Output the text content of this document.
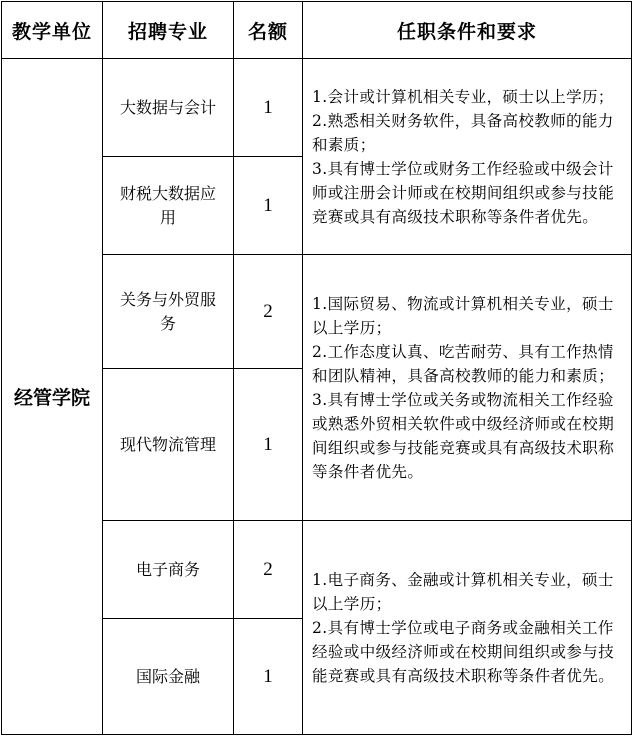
教学单位	招聘专业	名额	任职条件和要求
经管学院	大数据与会计	1	1.会计或计算机相关专业，硕士以上学历；

2.熟悉相关财务软件，具备高校教师的能力和素质；

3.具有博士学位或财务工作经验或中级会计师或注册会计师或在校期间组织或参与技能竞赛或具有高级技术职称等条件者优先。

	财税大数据应用	1	
	关务与外贸服务	2	1.国际贸易、物流或计算机相关专业，硕士以上学历；

2.工作态度认真、吃苦耐劳、具有工作热情和团队精神，具备高校教师的能力和素质；

3.具有博士学位或关务或物流相关工作经验或熟悉外贸相关软件或中级经济师或在校期间组织或参与技能竞赛或具有高级技术职称等条件者优先。

	现代物流管理	1	
	电子商务	2	1.电子商务、金融或计算机相关专业，硕士以上学历；

2.具有博士学位或电子商务或金融相关工作经验或中级经济师或在校期间组织或参与技能竞赛或具有高级技术职称等条件者优先。

	国际金融	1	
